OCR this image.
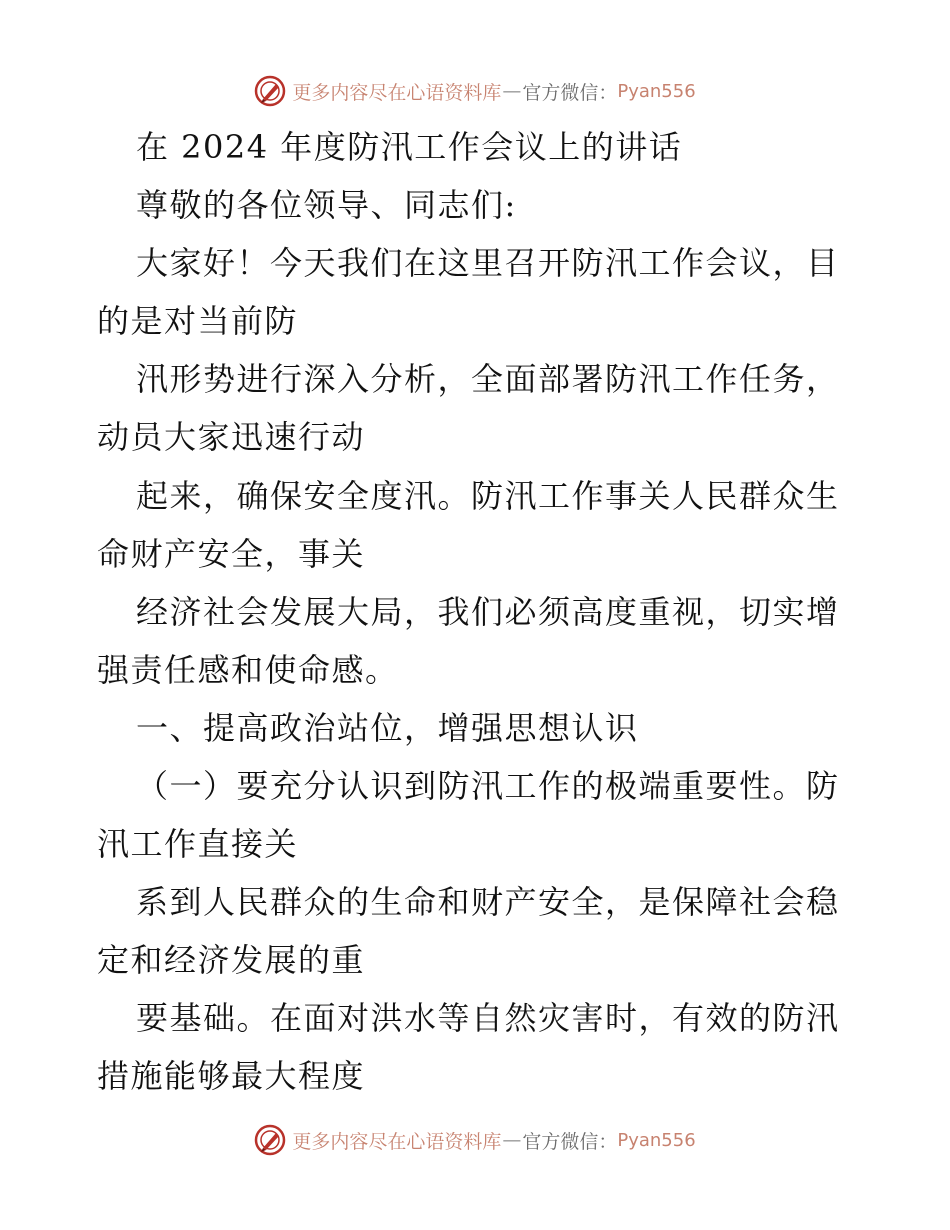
更多内容尽在心语资料库 — 官方微信： Pyan556
在 2024 年度防汛工作会议上的讲话
尊敬的各位领导、同志们:
大家好！今天我们在这里召开防汛工作会议，目
的是对当前防
汛形势进行深入分析，全面部署防汛工作任务，
动员大家迅速行动
起来，确保安全度汛。防汛工作事关人民群众生
命财产安全，事关
经济社会发展大局，我们必须高度重视，切实增
强责任感和使命感。
一、提高政治站位，增强思想认识
（一）要充分认识到防汛工作的极端重要性。防
汛工作直接关
系到人民群众的生命和财产安全，是保障社会稳
定和经济发展的重
要基础。在面对洪水等自然灾害时，有效的防汛
措施能够最大程度
更多内容尽在心语资料库 — 官方微信： Pyan556
